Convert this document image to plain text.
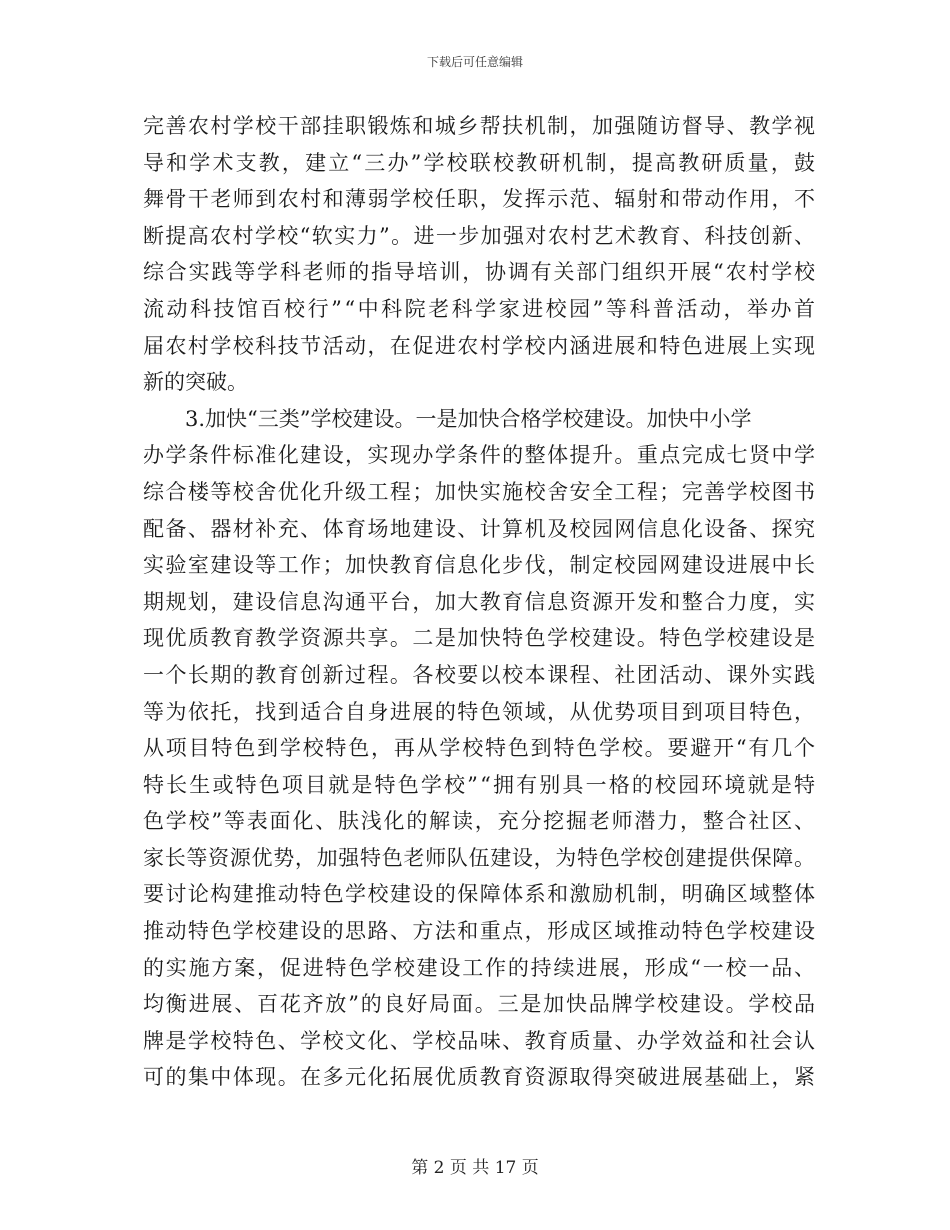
下载后可任意编辑
完善农村学校干部挂职锻炼和城乡帮扶机制，加强随访督导、教学视
导和学术支教，建立“三办”学校联校教研机制，提高教研质量，鼓
舞骨干老师到农村和薄弱学校任职，发挥示范、辐射和带动作用，不
断提高农村学校“软实力”。进一步加强对农村艺术教育、科技创新、
综合实践等学科老师的指导培训，协调有关部门组织开展“农村学校
流动科技馆百校行”“中科院老科学家进校园”等科普活动，举办首
届农村学校科技节活动，在促进农村学校内涵进展和特色进展上实现
新的突破。
3.加快“三类”学校建设。一是加快合格学校建设。加快中小学
办学条件标准化建设，实现办学条件的整体提升。重点完成七贤中学
综合楼等校舍优化升级工程；加快实施校舍安全工程；完善学校图书
配备、器材补充、体育场地建设、计算机及校园网信息化设备、探究
实验室建设等工作；加快教育信息化步伐，制定校园网建设进展中长
期规划，建设信息沟通平台，加大教育信息资源开发和整合力度，实
现优质教育教学资源共享。二是加快特色学校建设。特色学校建设是
一个长期的教育创新过程。各校要以校本课程、社团活动、课外实践
等为依托，找到适合自身进展的特色领域，从优势项目到项目特色，
从项目特色到学校特色，再从学校特色到特色学校。要避开“有几个
特长生或特色项目就是特色学校”“拥有别具一格的校园环境就是特
色学校”等表面化、肤浅化的解读，充分挖掘老师潜力，整合社区、
家长等资源优势，加强特色老师队伍建设，为特色学校创建提供保障。
要讨论构建推动特色学校建设的保障体系和激励机制，明确区域整体
推动特色学校建设的思路、方法和重点，形成区域推动特色学校建设
的实施方案，促进特色学校建设工作的持续进展，形成“一校一品、
均衡进展、百花齐放”的良好局面。三是加快品牌学校建设。学校品
牌是学校特色、学校文化、学校品味、教育质量、办学效益和社会认
可的集中体现。在多元化拓展优质教育资源取得突破进展基础上，紧
第 2 页 共 17 页
